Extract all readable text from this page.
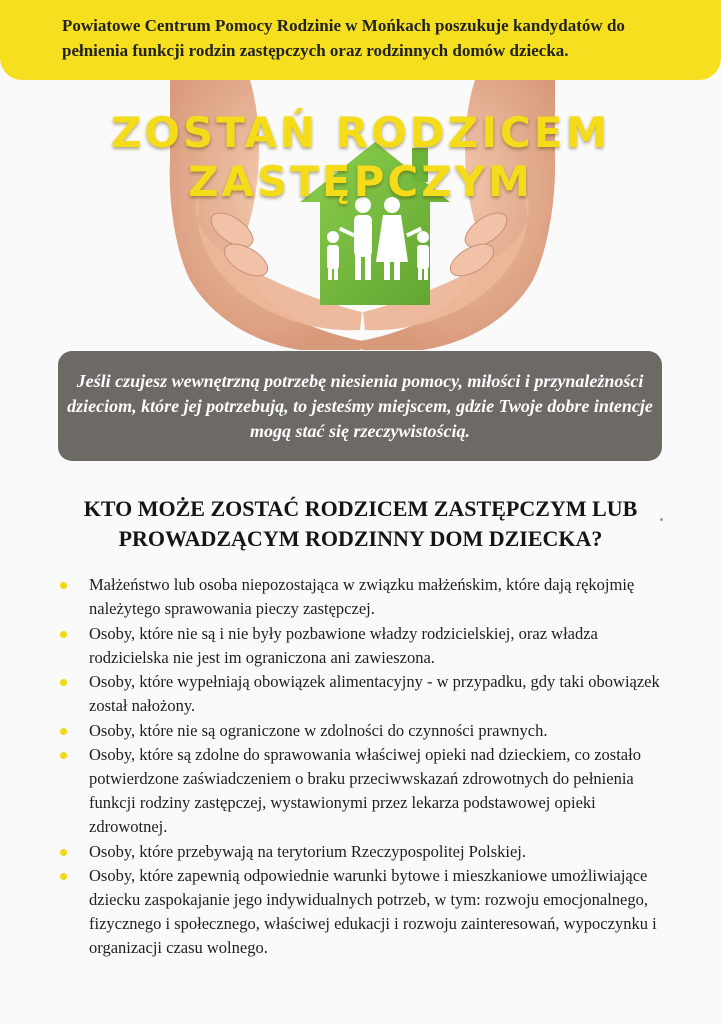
Powiatowe Centrum Pomocy Rodzinie w Mońkach poszukuje kandydatów do pełnienia funkcji rodzin zastępczych oraz rodzinnych domów dziecka.
ZOSTAŃ RODZICEM ZASTĘPCZYM

Jeśli czujesz wewnętrzną potrzebę niesienia pomocy, miłości i przynależności dzieciom, które jej potrzebują, to jesteśmy miejscem, gdzie Twoje dobre intencje mogą stać się rzeczywistością.

KTO MOŻE ZOSTAĆ RODZICEM ZASTĘPCZYM LUB PROWADZĄCYM RODZINNY DOM DZIECKA?
Małżeństwo lub osoba niepozostająca w związku małżeńskim, które dają rękojmię należytego sprawowania pieczy zastępczej.
Osoby, które nie są i nie były pozbawione władzy rodzicielskiej, oraz władza rodzicielska nie jest im ograniczona ani zawieszona.
Osoby, które wypełniają obowiązek alimentacyjny - w przypadku, gdy taki obowiązek został nałożony.
Osoby, które nie są ograniczone w zdolności do czynności prawnych.
Osoby, które są zdolne do sprawowania właściwej opieki nad dzieckiem, co zostało potwierdzone zaświadczeniem o braku przeciwwskazań zdrowotnych do pełnienia funkcji rodziny zastępczej, wystawionymi przez lekarza podstawowej opieki zdrowotnej.
Osoby, które przebywają na terytorium Rzeczypospolitej Polskiej.
Osoby, które zapewnią odpowiednie warunki bytowe i mieszkaniowe umożliwiające dziecku zaspokajanie jego indywidualnych potrzeb, w tym: rozwoju emocjonalnego, fizycznego i społecznego, właściwej edukacji i rozwoju zainteresowań, wypoczynku i organizacji czasu wolnego.
